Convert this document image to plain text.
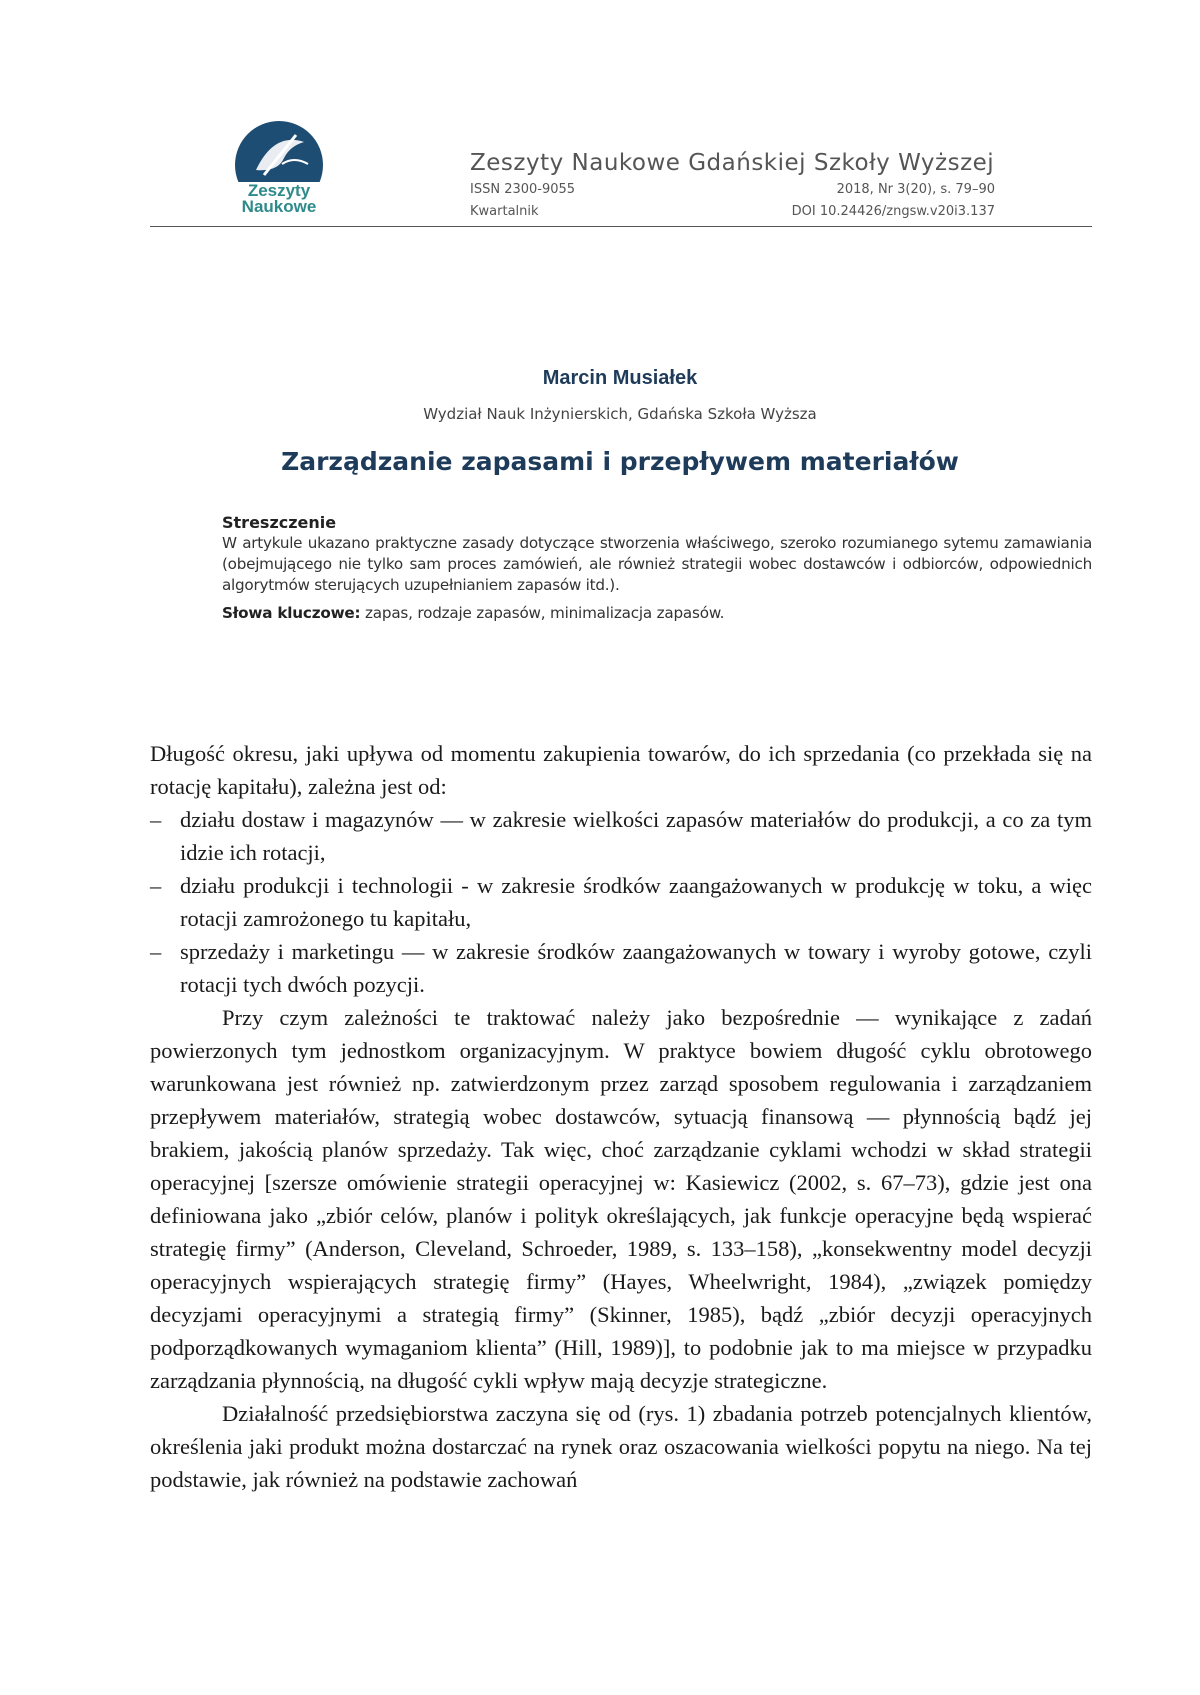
Zeszyty
Naukowe
Zeszyty Naukowe Gdańskiej Szkoły Wyższej
ISSN 2300-9055	2018, Nr 3(20), s. 79–90
Kwartalnik	DOI 10.24426/zngsw.v20i3.137
Marcin Musiałek
Wydział Nauk Inżynierskich, Gdańska Szkoła Wyższa
Zarządzanie zapasami i przepływem materiałów
Streszczenie
W artykule ukazano praktyczne zasady dotyczące stworzenia właściwego, szeroko rozumianego sytemu zamawiania (obejmującego nie tylko sam proces zamówień, ale również strategii wobec dostawców i odbiorców, odpowiednich algorytmów sterujących uzupełnianiem zapasów itd.).
Słowa kluczowe: zapas, rodzaje zapasów, minimalizacja zapasów.

Długość okresu, jaki upływa od momentu zakupienia towarów, do ich sprzedania (co przekłada się na rotację kapitału), zależna jest od:

– działu dostaw i magazynów — w zakresie wielkości zapasów materiałów do produkcji, a co za tym idzie ich rotacji,
– działu produkcji i technologii - w zakresie środków zaangażowanych w produkcję w toku, a więc rotacji zamrożonego tu kapitału,
– sprzedaży i marketingu — w zakresie środków zaangażowanych w towary i wyroby gotowe, czyli rotacji tych dwóch pozycji.

Przy czym zależności te traktować należy jako bezpośrednie — wynikające z zadań powierzonych tym jednostkom organizacyjnym. W praktyce bowiem długość cyklu obrotowego warunkowana jest również np. zatwierdzonym przez zarząd sposobem regulowania i zarządzaniem przepływem materiałów, strategią wobec dostawców, sytuacją finansową — płynnością bądź jej brakiem, jakością planów sprzedaży. Tak więc, choć zarządzanie cyklami wchodzi w skład strategii operacyjnej [szersze omówienie strategii operacyjnej w: Kasiewicz (2002, s. 67–73), gdzie jest ona definiowana jako „zbiór celów, planów i polityk określających, jak funkcje operacyjne będą wspierać strategię firmy” (Anderson, Cleveland, Schroeder, 1989, s. 133–158), „konsekwentny model decyzji operacyjnych wspierających strategię firmy” (Hayes, Wheelwright, 1984), „związek pomiędzy decyzjami operacyjnymi a strategią firmy” (Skinner, 1985), bądź „zbiór decyzji operacyjnych podporządkowanych wymaganiom klienta” (Hill, 1989)], to podobnie jak to ma miejsce w przypadku zarządzania płynnością, na długość cykli wpływ mają decyzje strategiczne.

Działalność przedsiębiorstwa zaczyna się od (rys. 1) zbadania potrzeb potencjalnych klientów, określenia jaki produkt można dostarczać na rynek oraz oszacowania wielkości popytu na niego. Na tej podstawie, jak również na podstawie zachowań
